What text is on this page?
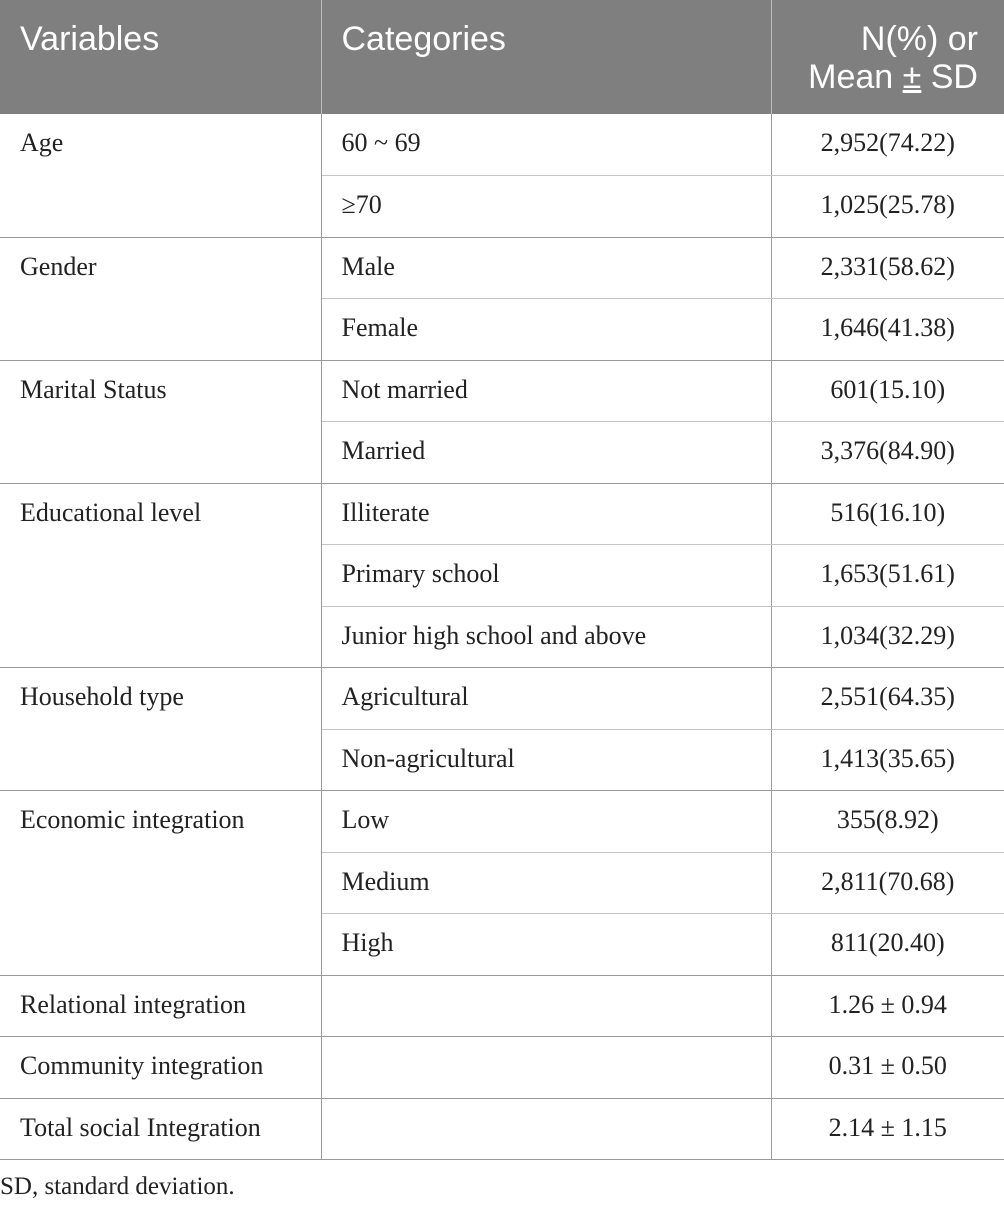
Variables	Categories	N(%) or
Mean ± SD
Age	60 ~ 69	2,952(74.22)
	≥70	1,025(25.78)
Gender	Male	2,331(58.62)
	Female	1,646(41.38)
Marital Status	Not married	601(15.10)
	Married	3,376(84.90)
Educational level	Illiterate	516(16.10)
	Primary school	1,653(51.61)
	Junior high school and above	1,034(32.29)
Household type	Agricultural	2,551(64.35)
	Non-agricultural	1,413(35.65)
Economic integration	Low	355(8.92)
	Medium	2,811(70.68)
	High	811(20.40)
Relational integration		1.26 ± 0.94
Community integration		0.31 ± 0.50
Total social Integration		2.14 ± 1.15
SD, standard deviation.
